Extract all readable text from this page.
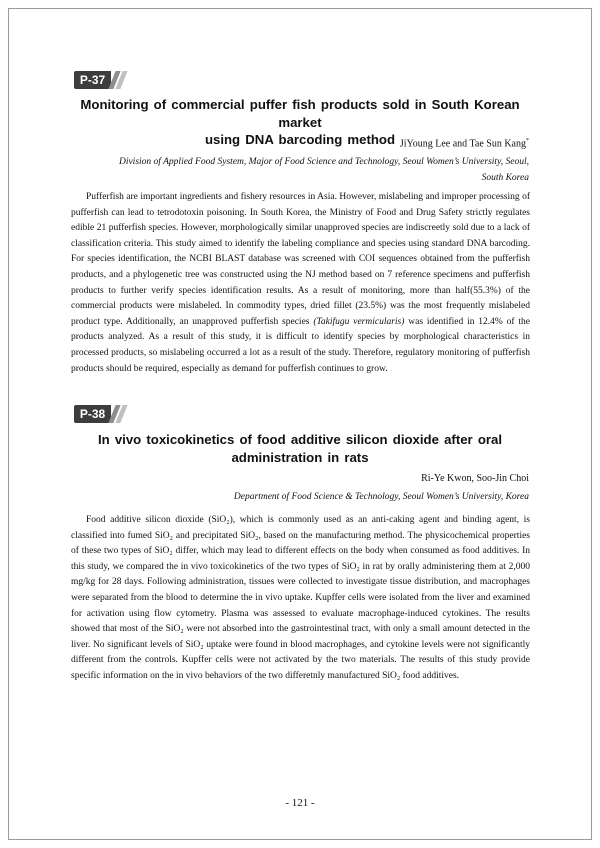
P-37
Monitoring of commercial puffer fish products sold in South Korean market
using DNA barcoding method JiYoung Lee and Tae Sun Kang*
Division of Applied Food System, Major of Food Science and Technology, Seoul Women’s University, Seoul,
South Korea

Pufferfish are important ingredients and fishery resources in Asia. However, mislabeling and improper processing of pufferfish can lead to tetrodotoxin poisoning. In South Korea, the Ministry of Food and Drug Safety strictly regulates edible 21 pufferfish species. However, morphologically similar unapproved species are indiscreetly sold due to a lack of classification criteria. This study aimed to identify the labeling compliance and species using standard DNA barcoding. For species identification, the NCBI BLAST database was screened with COI sequences obtained from the pufferfish products, and a phylogenetic tree was constructed using the NJ method based on 7 reference specimens and pufferfish products to further verify species identification results. As a result of monitoring, more than half(55.3%) of the commercial products were mislabeled. In commodity types, dried fillet (23.5%) was the most frequently mislabeled product type. Additionally, an unapproved pufferfish species (Takifugu vermicularis) was identified in 12.4% of the products analyzed. As a result of this study, it is difficult to identify species by morphological characteristics in processed products, so mislabeling occurred a lot as a result of the study. Therefore, regulatory monitoring of pufferfish products should be required, especially as demand for pufferfish continues to grow.

P-38
In vivo toxicokinetics of food additive silicon dioxide after oral
administration in rats
Ri-Ye Kwon, Soo-Jin Choi
Department of Food Science & Technology, Seoul Women’s University, Korea

Food additive silicon dioxide (SiO₂), which is commonly used as an anti-caking agent and binding agent, is classified into fumed SiO₂ and precipitated SiO₂, based on the manufacturing method. The physicochemical properties of these two types of SiO₂ differ, which may lead to different effects on the body when consumed as food additives. In this study, we compared the in vivo toxicokinetics of the two types of SiO₂ in rat by orally administering them at 2,000 mg/kg for 28 days. Following administration, tissues were collected to investigate tissue distribution, and macrophages were separated from the blood to determine the in vivo uptake. Kupffer cells were isolated from the liver and examined for activation using flow cytometry. Plasma was assessed to evaluate macrophage-induced cytokines. The results showed that most of the SiO₂ were not absorbed into the gastrointestinal tract, with only a small amount detected in the liver. No significant levels of SiO₂ uptake were found in blood macrophages, and cytokine levels were not significantly different from the controls. Kupffer cells were not activated by the two materials. The results of this study provide specific information on the in vivo behaviors of the two differetnly manufactured SiO₂ food additives.

- 121 -
